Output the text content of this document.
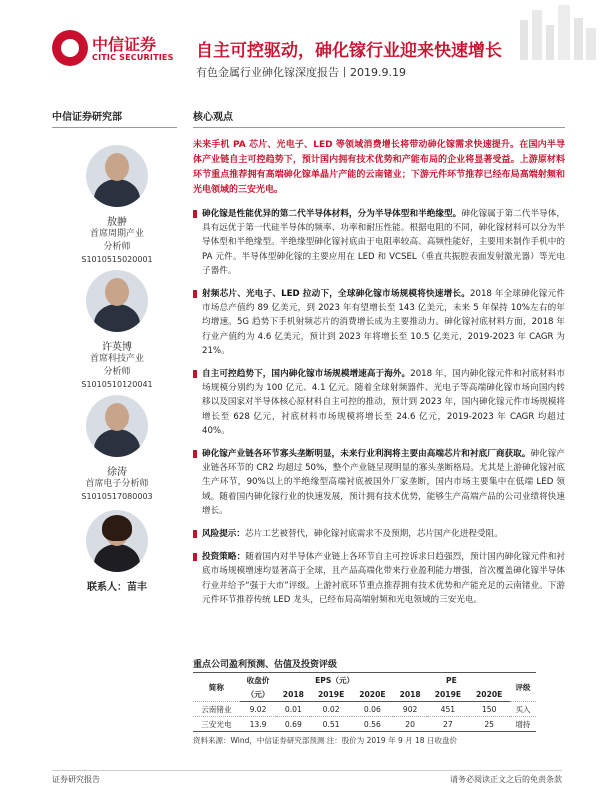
中信证券
CITIC SECURITIES 自主可控驱动，砷化镓行业迎来快速增长
有色金属行业砷化镓深度报告丨2019.9.19
中信证券研究部
敖翀
首席周期产业
分析师
S1010515020001
许英博
首席科技产业
分析师
S1010510120041
徐涛
首席电子分析师
S1010517080003
联系人：苗丰
核心观点
未来手机 PA 芯片、光电子、LED 等领域消费增长将带动砷化镓需求快速提升。在国内半导体产业链自主可控趋势下，预计国内拥有技术优势和产能布局的企业将显著受益。上游原材料环节重点推荐拥有高端砷化镓单晶片产能的云南锗业；下游元件环节推荐已经布局高端射频和光电领域的三安光电。
砷化镓是性能优异的第二代半导体材料，分为半导体型和半绝缘型。砷化镓属于第二代半导体，具有远优于第一代硅半导体的频率、功率和耐压性能。根据电阻的不同，砷化镓材料可以分为半导体型和半绝缘型。半绝缘型砷化镓衬底由于电阻率较高、高频性能好，主要用来制作手机中的 PA 元件。半导体型砷化镓的主要应用在 LED 和 VCSEL（垂直共振腔表面发射激光器）等光电子器件。
射频芯片、光电子、LED 拉动下，全球砷化镓市场规模将快速增长。2018 年全球砷化镓元件市场总产值约 89 亿美元，到 2023 年有望增长至 143 亿美元，未来 5 年保持 10%左右的年均增速。5G 趋势下手机射频芯片的消费增长成为主要推动力。砷化镓衬底材料方面，2018 年行业产值约为 4.6 亿美元，预计到 2023 年将增长至 10.5 亿美元，2019-2023 年 CAGR 为 21%。
自主可控趋势下，国内砷化镓市场规模增速高于海外。2018 年，国内砷化镓元件和衬底材料市场规模分别约为 100 亿元、4.1 亿元。随着全球射频器件、光电子等高端砷化镓市场向国内转移以及国家对半导体核心原材料自主可控的推动，预计到 2023 年，国内砷化镓元件市场规模将增长至 628 亿元，衬底材料市场规模将增长至 24.6 亿元，2019-2023 年 CAGR 均超过 40%。
砷化镓产业链各环节寡头垄断明显，未来行业利润将主要由高端芯片和衬底厂商获取。砷化镓产业链各环节的 CR2 均超过 50%，整个产业链呈现明显的寡头垄断格局。尤其是上游砷化镓衬底生产环节，90%以上的半绝缘型高端衬底被国外厂家垄断，国内市场主要集中在低端 LED 领域。随着国内砷化镓行业的快速发展，预计拥有技术优势，能够生产高端产品的公司业绩将快速增长。
风险提示：芯片工艺被替代，砷化镓衬底需求不及预期，芯片国产化进程受阻。
投资策略：随着国内对半导体产业链上各环节自主可控诉求日趋强烈，预计国内砷化镓元件和衬底市场规模增速均显著高于全球，且产品高端化带来行业盈利能力增强，首次覆盖砷化镓半导体行业并给予“强于大市”评级。上游衬底环节重点推荐拥有技术优势和产能充足的云南锗业。下游元件环节推荐传统 LED 龙头，已经布局高端射频和光电领域的三安光电。
重点公司盈利预测、估值及投资评级
简称	收盘价	EPS（元）			PE			评级
	（元）	2018	2019E	2020E	2018	2019E	2020E	
云南锗业	9.02	0.01	0.02	0.06	902	451	150	买入
三安光电	13.9	0.69	0.51	0.56	20	27	25	增持
资料来源：Wind，中信证券研究部预测 注：股价为 2019 年 9 月 18 日收盘价
证券研究报告	请务必阅读正文之后的免责条款
